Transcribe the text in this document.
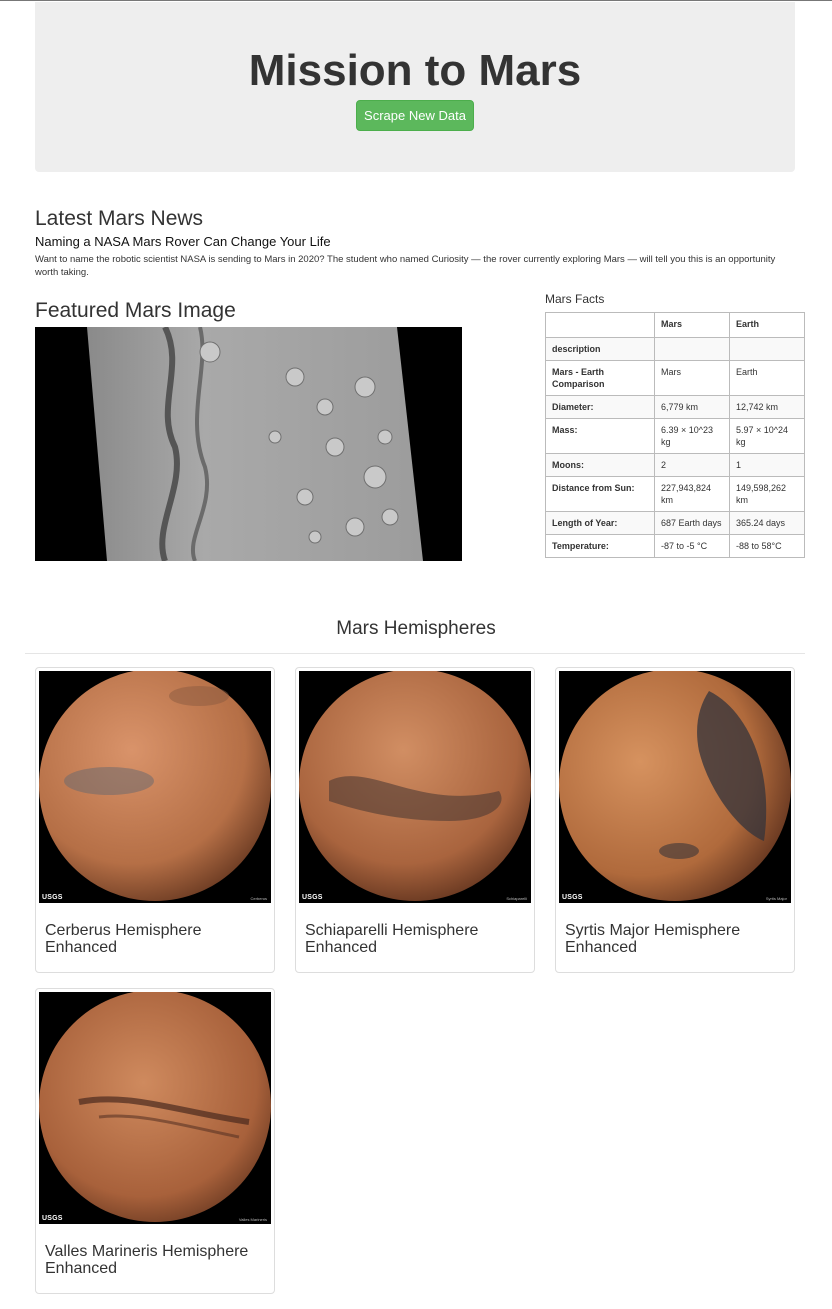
Mission to Mars
Scrape New Data
Latest Mars News
Naming a NASA Mars Rover Can Change Your Life

Want to name the robotic scientist NASA is sending to Mars in 2020? The student who named Curiosity — the rover currently exploring Mars — will tell you this is an opportunity worth taking.

Featured Mars Image	Mars Facts
	Mars	Earth
description		
Mars - Earth Comparison	Mars	Earth
Diameter:	6,779 km	12,742 km
Mass:	6.39 × 10^23 kg	5.97 × 10^24 kg
Moons:	2	1
Distance from Sun:	227,943,824 km	149,598,262 km
Length of Year:	687 Earth days	365.24 days
Temperature:	-87 to -5 °C	-88 to 58°C
Mars Hemispheres
USGS	Cerberus
Cerberus Hemisphere Enhanced
USGS	Schiaparelli
Schiaparelli Hemisphere Enhanced
USGS	Syrtis Major
Syrtis Major Hemisphere Enhanced
USGS	Valles Marineris
Valles Marineris Hemisphere Enhanced
